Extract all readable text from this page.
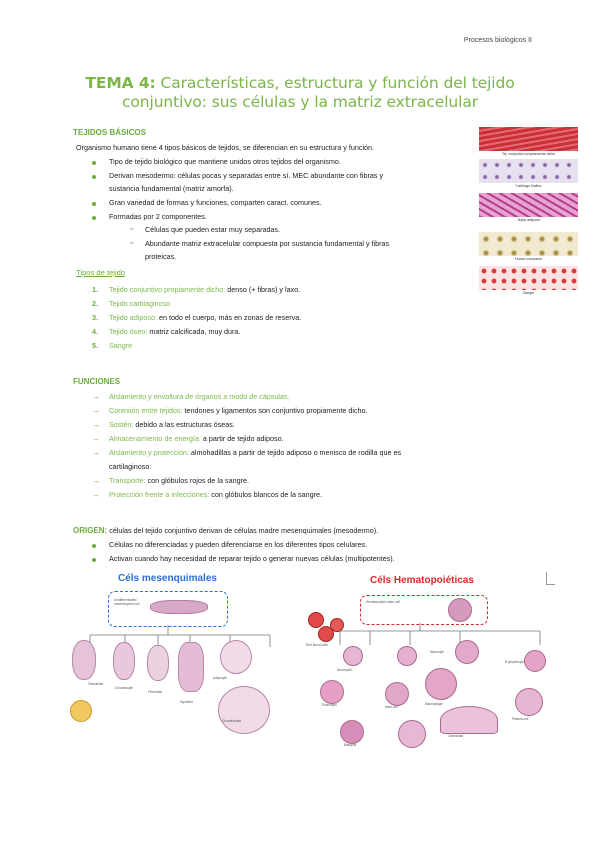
Procesos biológicos II
TEMA 4: Características, estructura y función del tejido
conjuntivo: sus células y la matriz extracelular
TEJIDOS BÁSICOS
Organismo humano tiene 4 tipos básicos de tejidos, se diferencian en su estructura y función.
Tipo de tejido biológico que mantiene unidos otros tejidos del organismo.
Derivan mesodermo: células pocas y separadas entre sí. MEC abundante con fibras y
sustancia fundamental (matriz amorfa).
Gran variedad de formas y funciones, comparten caract. comunes.
Formadas por 2 componentes.
➢ Células que pueden estar muy separadas.
➢ Abundante matriz extracelular compuesta por sustancia fundamental y fibras
proteicas.
Tipos de tejido
1. Tejido conjuntivo propiamente dicho: denso (+ fibras) y laxo.
2. Tejido cartilaginoso
3. Tejido adiposo: en todo el cuerpo, más en zonas de reserva.
4. Tejido óseo: matriz calcificada, muy dura.
5. Sangre
Tej. conjuntivo propiamente dicho
Cartílago hialino
Tejido adiposo
Hueso compacto
Sangre
FUNCIONES
→ Aislamiento y envoltura de órganos a modo de cápsulas.
→ Conexión entre tejidos: tendones y ligamentos son conjuntivo propiamente dicho.
→ Sostén: debido a las estructuras óseas.
→ Almacenamiento de energía: a partir de tejido adiposo.
→ Aislamiento y protección: almohadillas a partir de tejido adiposo o menisco de rodilla que es
cartilaginoso.
→ Transporte: con glóbulos rojos de la sangre.
→ Protección frente a infecciones: con glóbulos blancos de la sangre.
ORIGEN: células del tejido conjuntivo derivan de células madre mesenquimales (mesodermo).
Células no diferenciadas y pueden diferenciarse en los diferentes tipos celulares.
Activan cuando hay necesidad de reparar tejido o generar nuevas células (multipotentes).
Céls mesenquimales
Undifferentiated mesenchymal cell
Osteoblast
Chondrocyte
Fibroblast
Adipocyte
Myoblast
Chondroblast
Céls Hematopoiéticas
Hematopoietic stem cell
Red blood cells
Neutrophil
Eosinophil
Basophil
Monocyte
Macrophage
Mast cell
B lymphocyte
Plasma cell
Osteoclast
